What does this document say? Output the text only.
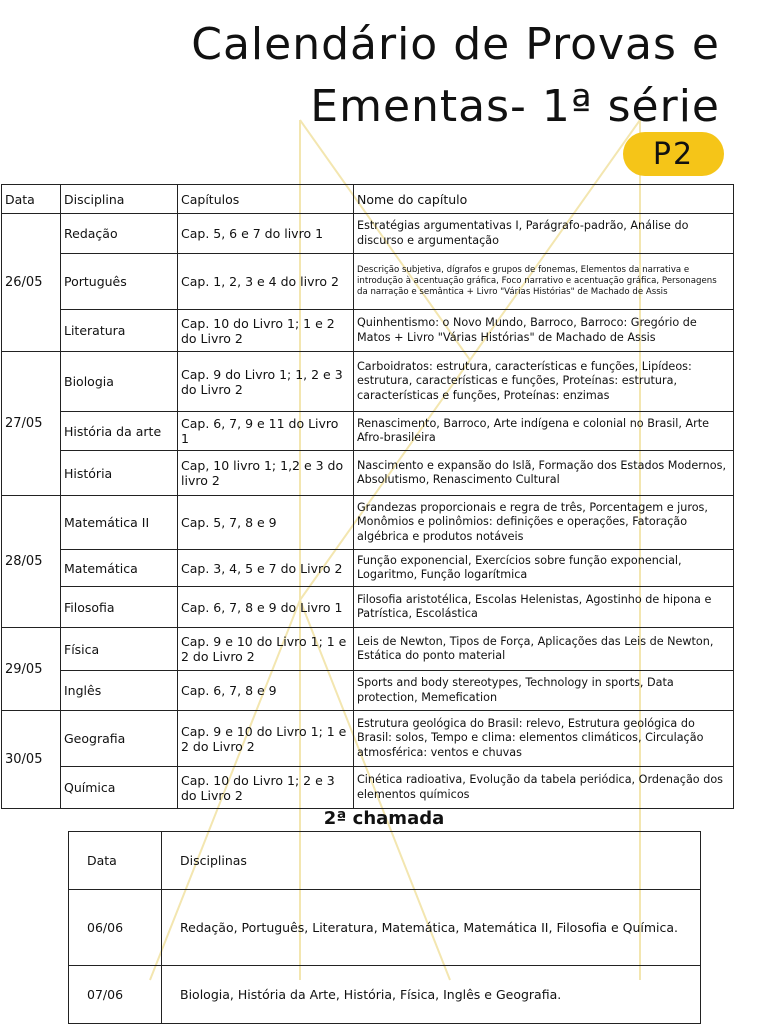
Calendário de Provas e
Ementas- 1ª série
P2
Data	Disciplina	Capítulos	Nome do capítulo
26/05	Redação	Cap. 5, 6 e 7 do livro 1	Estratégias argumentativas I, Parágrafo-padrão, Análise do discurso e argumentação
	Português	Cap. 1, 2, 3 e 4 do livro 2	Descrição subjetiva, dígrafos e grupos de fonemas, Elementos da narrativa e introdução à acentuação gráfica, Foco narrativo e acentuação gráfica, Personagens da narração e semântica + Livro "Várias Histórias" de Machado de Assis
	Literatura	Cap. 10 do Livro 1; 1 e 2 do Livro 2	Quinhentismo: o Novo Mundo, Barroco, Barroco: Gregório de Matos + Livro "Várias Histórias" de Machado de Assis
27/05	Biologia	Cap. 9 do Livro 1; 1, 2 e 3 do Livro 2	Carboidratos: estrutura, características e funções, Lipídeos: estrutura, características e funções, Proteínas: estrutura, características e funções, Proteínas: enzimas
	História da arte	Cap. 6, 7, 9 e 11 do Livro 1	Renascimento, Barroco, Arte indígena e colonial no Brasil, Arte Afro-brasileira
	História	Cap, 10 livro 1; 1,2 e 3 do livro 2	Nascimento e expansão do Islã, Formação dos Estados Modernos, Absolutismo, Renascimento Cultural
28/05	Matemática II	Cap. 5, 7, 8 e 9	Grandezas proporcionais e regra de três, Porcentagem e juros, Monômios e polinômios: definições e operações, Fatoração algébrica e produtos notáveis
	Matemática	Cap. 3, 4, 5 e 7 do Livro 2	Função exponencial, Exercícios sobre função exponencial, Logaritmo, Função logarítmica
	Filosofia	Cap. 6, 7, 8 e 9 do Livro 1	Filosofia aristotélica, Escolas Helenistas, Agostinho de hipona e Patrística, Escolástica
29/05	Física	Cap. 9 e 10 do Livro 1; 1 e 2 do Livro 2	Leis de Newton, Tipos de Força, Aplicações das Leis de Newton, Estática do ponto material
	Inglês	Cap. 6, 7, 8 e 9	Sports and body stereotypes, Technology in sports, Data protection, Memefication
30/05	Geografia	Cap. 9 e 10 do Livro 1; 1 e 2 do Livro 2	Estrutura geológica do Brasil: relevo, Estrutura geológica do Brasil: solos, Tempo e clima: elementos climáticos, Circulação atmosférica: ventos e chuvas
	Química	Cap. 10 do Livro 1; 2 e 3 do Livro 2	Cinética radioativa, Evolução da tabela periódica, Ordenação dos elementos químicos
2ª chamada
Data	Disciplinas
06/06	Redação, Português, Literatura, Matemática, Matemática II, Filosofia e Química.
07/06	Biologia, História da Arte, História, Física, Inglês e Geografia.
